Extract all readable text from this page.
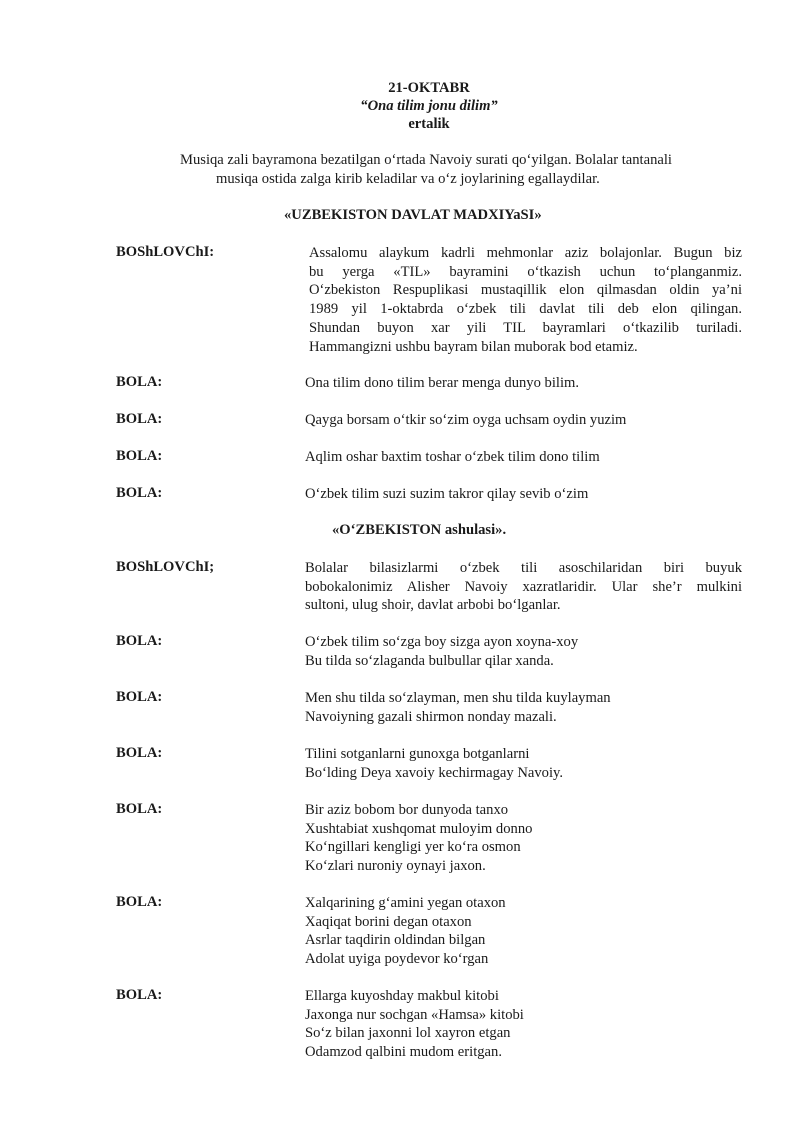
21-OKTABR
“Ona tilim jonu dilim”
ertalik
Musiqa zali bayramona bezatilgan o‘rtada Navoiy surati qo‘yilgan. Bolalar tantanali
musiqa ostida zalga kirib keladilar va o‘z joylarining egallaydilar.
«UZBEKISTON DAVLAT MADXIYaSI»
BOShLOVChI:	Assalomu alaykum kadrli mehmonlar aziz bolajonlar. Bugun biz
bu yerga «TIL» bayramini o‘tkazish uchun to‘planganmiz.
O‘zbekiston Respuplikasi mustaqillik elon qilmasdan oldin ya’ni
1989 yil 1-oktabrda o‘zbek tili davlat tili deb elon qilingan.
Shundan buyon xar yili TIL bayramlari o‘tkazilib turiladi.
Hammangizni ushbu bayram bilan muborak bod etamiz.
BOLA:	Ona tilim dono tilim berar menga dunyo bilim.
BOLA:	Qayga borsam o‘tkir so‘zim oyga uchsam oydin yuzim
BOLA:	Aqlim oshar baxtim toshar o‘zbek tilim dono tilim
BOLA:	O‘zbek tilim suzi suzim takror qilay sevib o‘zim
«O‘ZBEKISTON ashulasi».
BOShLOVChI;	Bolalar bilasizlarmi o‘zbek tili asoschilaridan biri buyuk
bobokalonimiz Alisher Navoiy xazratlaridir. Ular she’r mulkini
sultoni, ulug shoir, davlat arbobi bo‘lganlar.
BOLA:	O‘zbek tilim so‘zga boy sizga ayon xoyna-xoy
Bu tilda so‘zlaganda bulbullar qilar xanda.
BOLA:	Men shu tilda so‘zlayman, men shu tilda kuylayman
Navoiyning gazali shirmon nonday mazali.
BOLA:	Tilini sotganlarni gunoxga botganlarni
Bo‘lding Deya xavoiy kechirmagay Navoiy.
BOLA:	Bir aziz bobom bor dunyoda tanxo
Xushtabiat xushqomat muloyim donno
Ko‘ngillari kengligi yer ko‘ra osmon
Ko‘zlari nuroniy oynayi jaxon.
BOLA:	Xalqarining g‘amini yegan otaxon
Xaqiqat borini degan otaxon
Asrlar taqdirin oldindan bilgan
Adolat uyiga poydevor ko‘rgan
BOLA:	Ellarga kuyoshday makbul kitobi
Jaxonga nur sochgan «Hamsa» kitobi
So‘z bilan jaxonni lol xayron etgan
Odamzod qalbini mudom eritgan.
